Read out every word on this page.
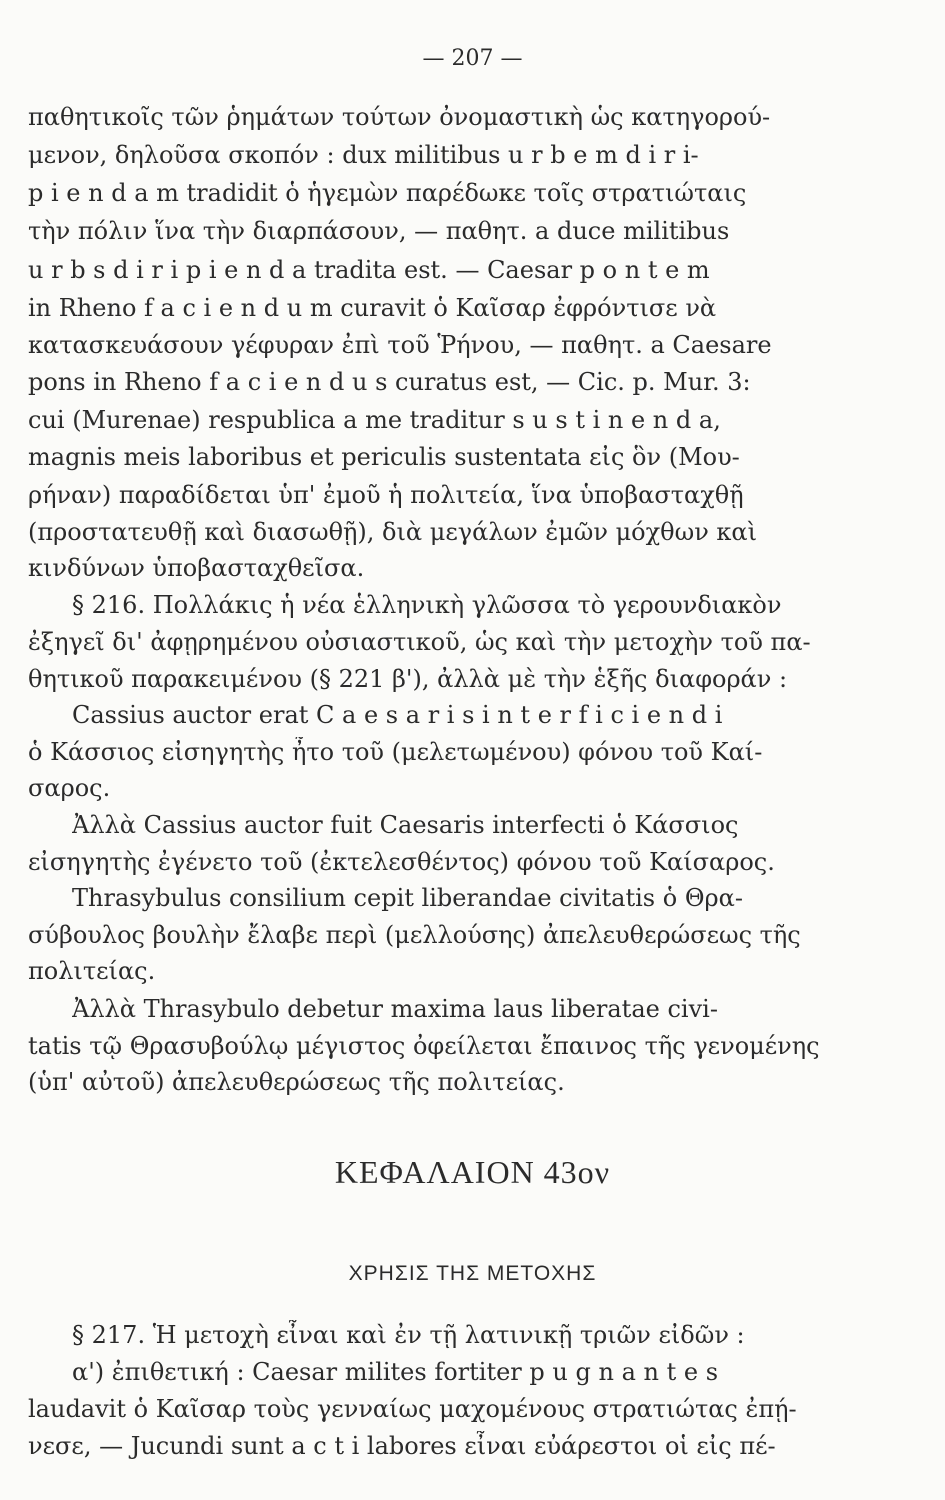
— 207 —
παθητικοῖς τῶν ῥημάτων τούτων ὀνομαστικὴ ὡς κατηγορού-
μενον, δηλοῦσα σκοπόν : dux militibus u r b e m d i r i-
p i e n d a m tradidit ὁ ἡγεμὼν παρέδωκε τοῖς στρατιώταις
τὴν πόλιν ἵνα τὴν διαρπάσουν, — παθητ. a duce militibus
u r b s d i r i p i e n d a tradita est. — Caesar p o n t e m
in Rheno f a c i e n d u m curavit ὁ Καῖσαρ ἐφρόντισε νὰ
κατασκευάσουν γέφυραν ἐπὶ τοῦ Ῥήνου, — παθητ. a Caesare
pons in Rheno f a c i e n d u s curatus est, — Cic. p. Mur. 3:
cui (Murenae) respublica a me traditur s u s t i n e n d a,
magnis meis laboribus et periculis sustentata εἰς ὃν (Μου-
ρήναν) παραδίδεται ὑπ' ἐμοῦ ἡ πολιτεία, ἵνα ὑποβασταχθῇ
(προστατευθῇ καὶ διασωθῇ), διὰ μεγάλων ἐμῶν μόχθων καὶ
κινδύνων ὑποβασταχθεῖσα.
§ 216. Πολλάκις ἡ νέα ἑλληνικὴ γλῶσσα τὸ γερουνδιακὸν
ἐξηγεῖ δι' ἀφῃρημένου οὐσιαστικοῦ, ὡς καὶ τὴν μετοχὴν τοῦ πα-
θητικοῦ παρακειμένου (§ 221 β'), ἀλλὰ μὲ τὴν ἑξῆς διαφοράν :
Cassius auctor erat C a e s a r i s i n t e r f i c i e n d i
ὁ Κάσσιος εἰσηγητὴς ἦτο τοῦ (μελετωμένου) φόνου τοῦ Καί-
σαρος.
Ἀλλὰ Cassius auctor fuit Caesaris interfecti ὁ Κάσσιος
εἰσηγητὴς ἐγένετο τοῦ (ἐκτελεσθέντος) φόνου τοῦ Καίσαρος.
Thrasybulus consilium cepit liberandae civitatis ὁ Θρα-
σύβουλος βουλὴν ἔλαβε περὶ (μελλούσης) ἀπελευθερώσεως τῆς
πολιτείας.
Ἀλλὰ Thrasybulo debetur maxima laus liberatae civi-
tatis τῷ Θρασυβούλῳ μέγιστος ὀφείλεται ἔπαινος τῆς γενομένης
(ὑπ' αὐτοῦ) ἀπελευθερώσεως τῆς πολιτείας.
ΚΕΦΑΛΑΙΟΝ 43ον
ΧΡΗΣΙΣ ΤΗΣ ΜΕΤΟΧΗΣ
§ 217. Ἡ μετοχὴ εἶναι καὶ ἐν τῇ λατινικῇ τριῶν εἰδῶν :
α') ἐπιθετική : Caesar milites fortiter p u g n a n t e s
laudavit ὁ Καῖσαρ τοὺς γενναίως μαχομένους στρατιώτας ἐπῄ-
νεσε, — Jucundi sunt a c t i labores εἶναι εὐάρεστοι οἱ εἰς πέ-
